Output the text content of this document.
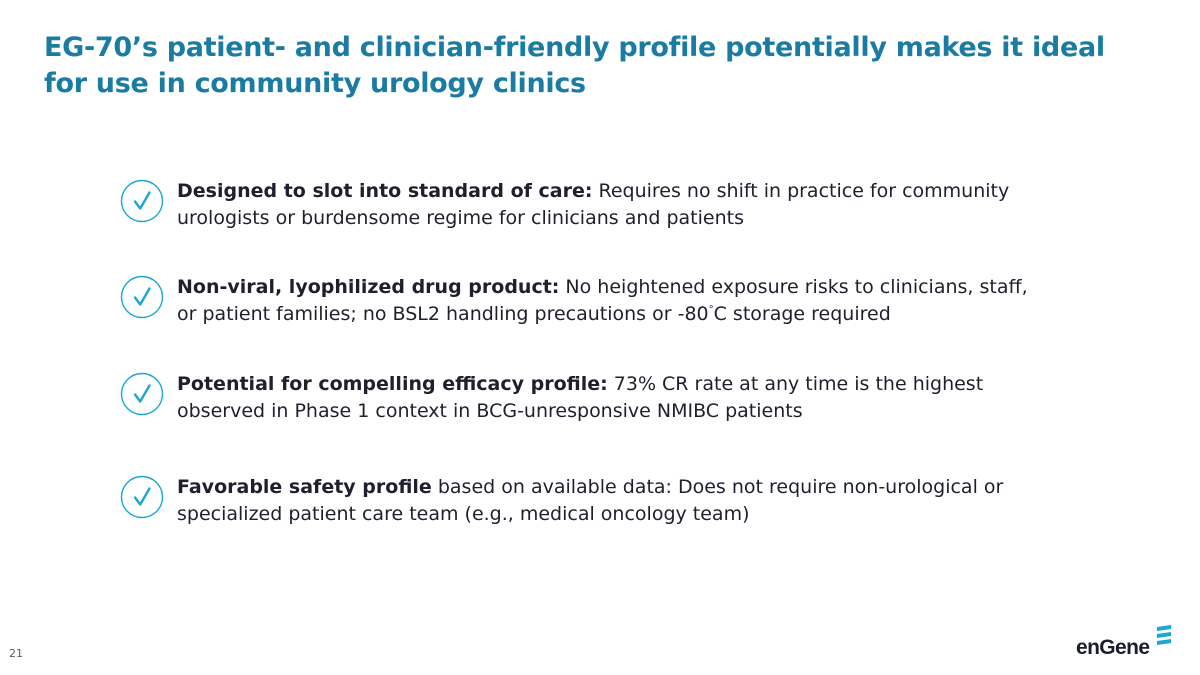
EG-70’s patient- and clinician-friendly profile potentially makes it ideal for use in community urology clinics

Designed to slot into standard of care: Requires no shift in practice for community urologists or burdensome regime for clinicians and patients

Non-viral, lyophilized drug product: No heightened exposure risks to clinicians, staff, or patient families; no BSL2 handling precautions or -80°C storage required

Potential for compelling efficacy profile: 73% CR rate at any time is the highest observed in Phase 1 context in BCG-unresponsive NMIBC patients

Favorable safety profile based on available data: Does not require non-urological or specialized patient care team (e.g., medical oncology team)

21	enGene
